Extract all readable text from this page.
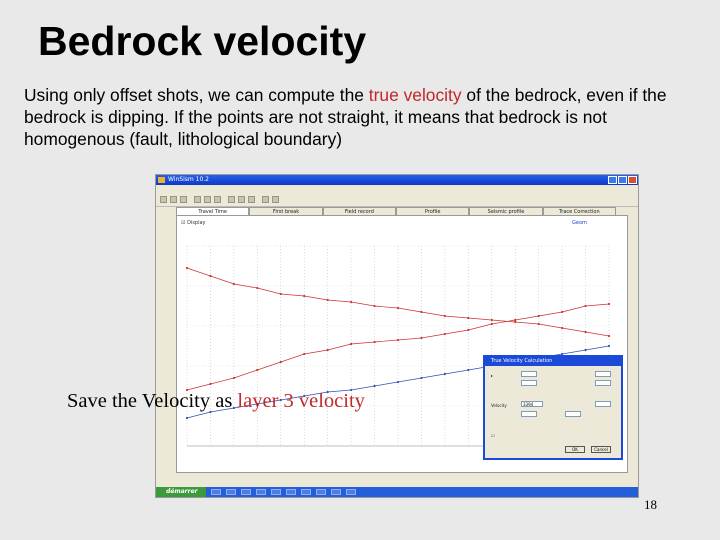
Bedrock velocity
Using only offset shots, we can compute the true velocity of the bedrock, even if the bedrock is dipping. If the points are not straight, it means that bedrock is not homogenous (fault, lithological boundary)
WinSism 10.2
Travel Time	First break	Field record	Profile	Seismic profile	Trace Correction
☑ Display	Geom
True Velocity Calculation
▸
Velocity	3394
☐
OK	Cancel
démarrer
Save the Velocity as layer 3 velocity
18
